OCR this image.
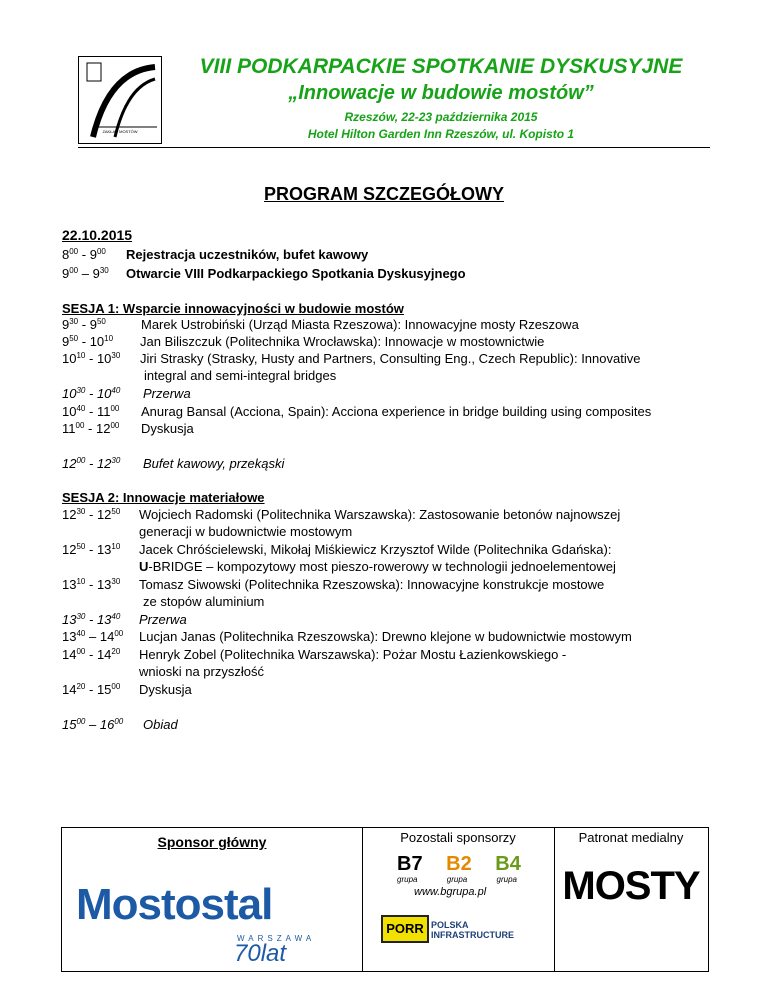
ZAKŁAD MOSTÓW
VIII PODKARPACKIE SPOTKANIE DYSKUSYJNE
„Innowacje w budowie mostów”
Rzeszów, 22-23 października 2015
Hotel Hilton Garden Inn Rzeszów, ul. Kopisto 1
PROGRAM SZCZEGÓŁOWY
22.10.2015
$8^{00} - 9^{00}$ Rejestracja uczestników, bufet kawowy
$9^{00} - 9^{30}$ Otwarcie VIII Podkarpackiego Spotkania Dyskusyjnego
SESJA 1: Wsparcie innowacyjności w budowie mostów
$9^{30} - 9^{50}$	Marek Ustrobiński (Urząd Miasta Rzeszowa): Innowacyjne mosty Rzeszowa
$9^{50} - 10^{10}$ Jan Biliszczuk (Politechnika Wrocławska): Innowacje w mostownictwie
$10^{10} - 10^{30}$ Jiri Strasky (Strasky, Husty and Partners, Consulting Eng., Czech Republic): Innovative
integral and semi-integral bridges
$10^{30} - 10^{40}$ Przerwa
$10^{40} - 11^{00}$ Anurag Bansal (Acciona, Spain): Acciona experience in bridge building using composites
$11^{00} - 12^{00}$ Dyskusja
$12^{00} - 12^{30}$ Bufet kawowy, przekąski
SESJA 2: Innowacje materiałowe
$12^{30} - 12^{50}$ Wojciech Radomski (Politechnika Warszawska): Zastosowanie betonów najnowszej
generacji w budownictwie mostowym
$12^{50} - 13^{10}$ Jacek Chróścielewski, Mikołaj Miśkiewicz Krzysztof Wilde (Politechnika Gdańska):
U-BRIDGE – kompozytowy most pieszo-rowerowy w technologii jednoelementowej
$13^{10} - 13^{30}$ Tomasz Siwowski (Politechnika Rzeszowska): Innowacyjne konstrukcje mostowe
ze stopów aluminium
$13^{30} - 13^{40}$ Przerwa
$13^{40} - 14^{00}$ Lucjan Janas (Politechnika Rzeszowska): Drewno klejone w budownictwie mostowym
$14^{00} - 14^{20}$ Henryk Zobel (Politechnika Warszawska): Pożar Mostu Łazienkowskiego -
wnioski na przyszłość
$14^{20} - 15^{00}$ Dyskusja
$15^{00} - 16^{00}$ Obiad
Sponsor główny	Pozostali sponsorzy	Patronat medialny
Mostostal
WARSZAWA
70lat
B7 B2 B4
grupa	grupa	grupa
www.bgrupa.pl
PORR POLSKA
INFRASTRUCTURE
MOSTY
